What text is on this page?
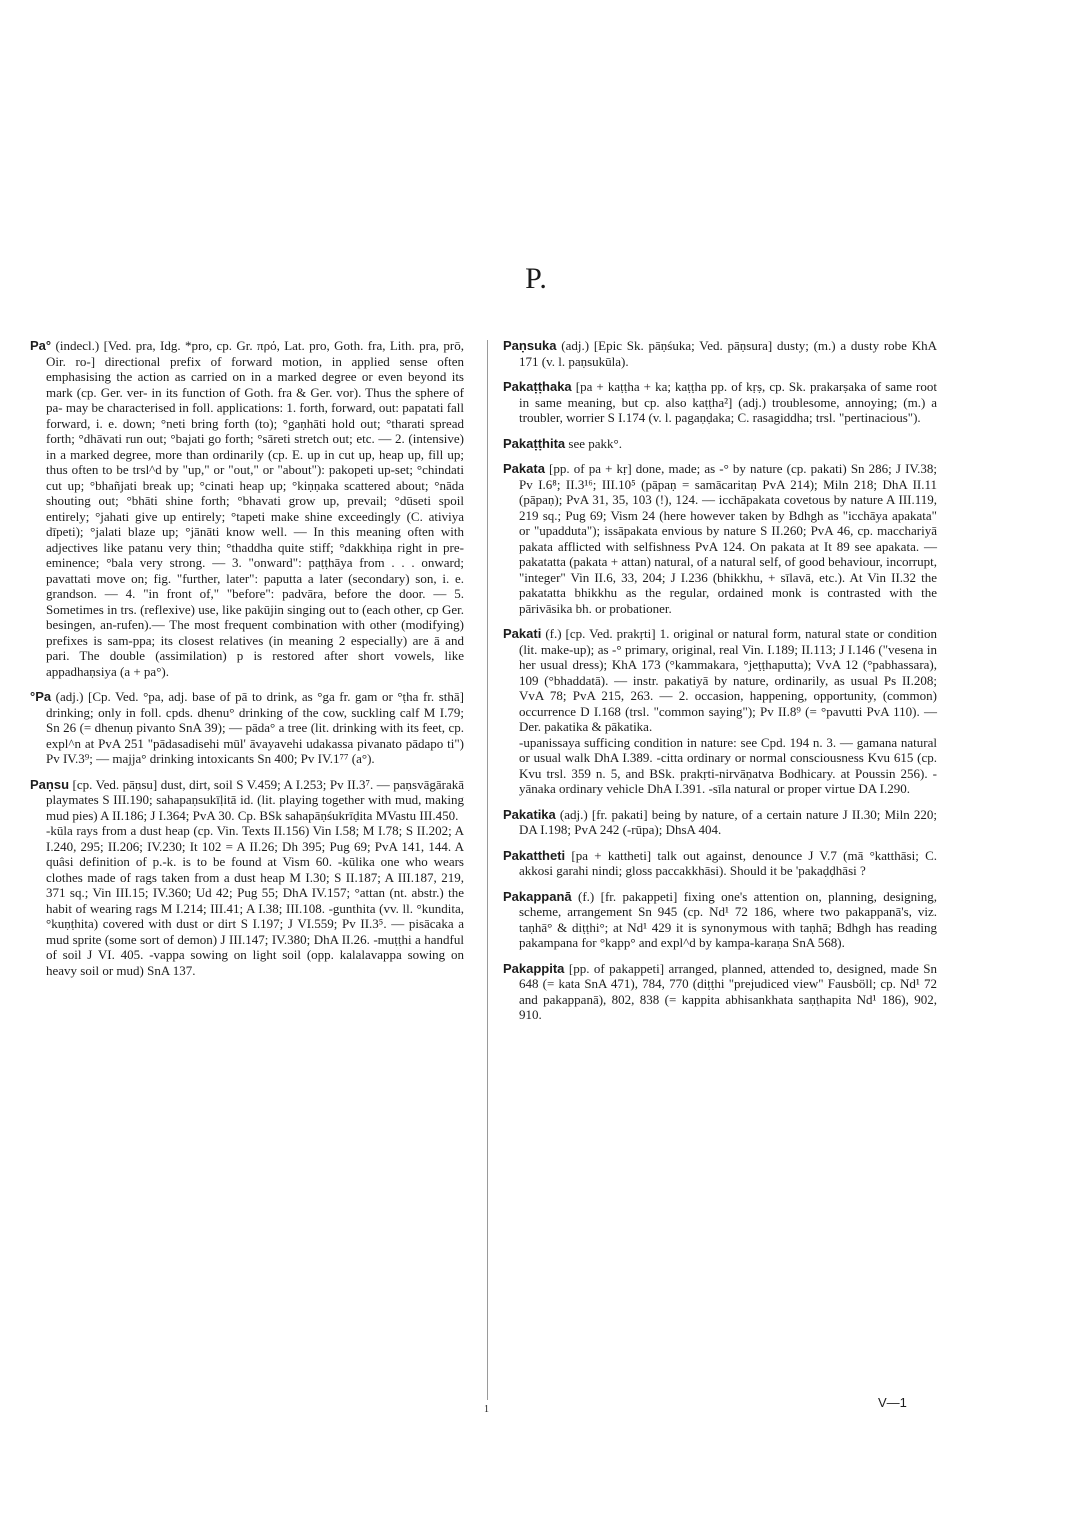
P.
Pa° (indecl.) [Ved. pra, Idg. *pro, cp. Gr. πρό, Lat. pro, Goth. fra, Lith. pra, prō, Oir. ro-] directional prefix of forward motion, in applied sense often emphasising the action as carried on in a marked degree or even beyond its mark (cp. Ger. ver- in its function of Goth. fra & Ger. vor). Thus the sphere of pa- may be characterised in foll. applications: 1. forth, forward, out: papatati fall forward, i. e. down; °neti bring forth (to); °gaṇhāti hold out; °tharati spread forth; °dhāvati run out; °bajati go forth; °sāreti stretch out; etc. — 2. (intensive) in a marked degree, more than ordinarily (cp. E. up in cut up, heap up, fill up; thus often to be trsl^d by "up," or "out," or "about"): pakopeti up-set; °chindati cut up; °bhañjati break up; °cinati heap up; °kiṇṇaka scattered about; °nāda shouting out; °bhāti shine forth; °bhavati grow up, prevail; °dūseti spoil entirely; °jahati give up entirely; °tapeti make shine exceedingly (C. ativiya dīpeti); °jalati blaze up; °jānāti know well. — In this meaning often with adjectives like patanu very thin; °thaddha quite stiff; °dakkhiṇa right in pre-eminence; °bala very strong. — 3. "onward": paṭṭhāya from . . . onward; pavattati move on; fig. "further, later": paputta a later (secondary) son, i. e. grandson. — 4. "in front of," "before": padvāra, before the door. — 5. Sometimes in trs. (reflexive) use, like pakūjin singing out to (each other, cp Ger. besingen, an-rufen).— The most frequent combination with other (modifying) prefixes is sam-ppa; its closest relatives (in meaning 2 especially) are ā and pari. The double (assimilation) p is restored after short vowels, like appadhaṇsiya (a + pa°).
°Pa (adj.) [Cp. Ved. °pa, adj. base of pā to drink, as °ga fr. gam or °ṭha fr. sthā] drinking; only in foll. cpds. dhenu° drinking of the cow, suckling calf M I.79; Sn 26 (= dhenuṇ pivanto SnA 39); — pāda° a tree (lit. drinking with its feet, cp. expl^n at PvA 251 "pādasadisehi mūl' āvayavehi udakassa pivanato pādapo ti") Pv IV.3⁹; — majja° drinking intoxicants Sn 400; Pv IV.1⁷⁷ (a°).
Paṇsu [cp. Ved. pāṇsu] dust, dirt, soil S V.459; A I.253; Pv II.3⁷. — paṇsvāgārakā playmates S III.190; sahapaṇsukīḷitā id. (lit. playing together with mud, making mud pies) A II.186; J I.364; PvA 30. Cp. BSk sahapāṇśukrīḍita MVastu III.450.
-kūla rays from a dust heap (cp. Vin. Texts II.156) Vin I.58; M I.78; S II.202; A I.240, 295; II.206; IV.230; It 102 = A II.26; Dh 395; Pug 69; PvA 141, 144. A quâsi definition of p.-k. is to be found at Vism 60. -kūlika one who wears clothes made of rags taken from a dust heap M I.30; S II.187; A III.187, 219, 371 sq.; Vin III.15; IV.360; Ud 42; Pug 55; DhA IV.157; °attan (nt. abstr.) the habit of wearing rags M I.214; III.41; A I.38; III.108. -gunthita (vv. ll. °kundita, °kuṇṭhita) covered with dust or dirt S I.197; J VI.559; Pv II.3⁵. — pisācaka a mud sprite (some sort of demon) J III.147; IV.380; DhA II.26. -muṭṭhi a handful of soil J VI. 405. -vappa sowing on light soil (opp. kalalavappa sowing on heavy soil or mud) SnA 137.
Paṇsuka (adj.) [Epic Sk. pāṇśuka; Ved. pāṇsura] dusty; (m.) a dusty robe KhA 171 (v. l. paṇsukūla).
Pakaṭṭhaka [pa + kaṭṭha + ka; kaṭṭha pp. of kṛṣ, cp. Sk. prakarṣaka of same root in same meaning, but cp. also kaṭṭha²] (adj.) troublesome, annoying; (m.) a troubler, worrier S I.174 (v. l. pagaṇḍaka; C. rasagiddha; trsl. "pertinacious").
Pakaṭṭhita see pakk°.
Pakata [pp. of pa + kṛ] done, made; as -° by nature (cp. pakati) Sn 286; J IV.38; Pv I.6⁸; II.3¹⁶; III.10⁵ (pāpaṇ = samācaritaṇ PvA 214); Miln 218; DhA II.11 (pāpaṇ); PvA 31, 35, 103 (!), 124. — icchāpakata covetous by nature A III.119, 219 sq.; Pug 69; Vism 24 (here however taken by Bdhgh as "icchāya apakata" or "upadduta"); issāpakata envious by nature S II.260; PvA 46, cp. macchariyā pakata afflicted with selfishness PvA 124. On pakata at It 89 see apakata. —pakatatta (pakata + attan) natural, of a natural self, of good behaviour, incorrupt, "integer" Vin II.6, 33, 204; J I.236 (bhikkhu, + sīlavā, etc.). At Vin II.32 the pakatatta bhikkhu as the regular, ordained monk is contrasted with the pārivāsika bh. or probationer.
Pakati (f.) [cp. Ved. prakṛti] 1. original or natural form, natural state or condition (lit. make-up); as -° primary, original, real Vin. I.189; II.113; J I.146 ("vesena in her usual dress); KhA 173 (°kammakara, °jeṭṭhaputta); VvA 12 (°pabhassara), 109 (°bhaddatā). — instr. pakatiyā by nature, ordinarily, as usual Ps II.208; VvA 78; PvA 215, 263. — 2. occasion, happening, opportunity, (common) occurrence D I.168 (trsl. "common saying"); Pv II.8⁹ (= °pavutti PvA 110). — Der. pakatika & pākatika.
-upanissaya sufficing condition in nature: see Cpd. 194 n. 3. — gamana natural or usual walk DhA I.389. -citta ordinary or normal consciousness Kvu 615 (cp. Kvu trsl. 359 n. 5, and BSk. prakṛti-nirvāṇatva Bodhicary. at Poussin 256). -yānaka ordinary vehicle DhA I.391. -sīla natural or proper virtue DA I.290.
Pakatika (adj.) [fr. pakati] being by nature, of a certain nature J II.30; Miln 220; DA I.198; PvA 242 (-rūpa); DhsA 404.
Pakattheti [pa + kattheti] talk out against, denounce J V.7 (mā °katthāsi; C. akkosi garahi nindi; gloss paccakkhāsi). Should it be 'pakaḍḍhāsi ?
Pakappanā (f.) [fr. pakappeti] fixing one's attention on, planning, designing, scheme, arrangement Sn 945 (cp. Nd¹ 72 186, where two pakappanā's, viz. taṇhā° & diṭṭhi°; at Nd¹ 429 it is synonymous with taṇhā; Bdhgh has reading pakampana for °kapp° and expl^d by kampa-karaṇa SnA 568).
Pakappita [pp. of pakappeti] arranged, planned, attended to, designed, made Sn 648 (= kata SnA 471), 784, 770 (diṭṭhi "prejudiced view" Fausböll; cp. Nd¹ 72 and pakappanā), 802, 838 (= kappita abhisankhata saṇṭhapita Nd¹ 186), 902, 910.
1	V—1
